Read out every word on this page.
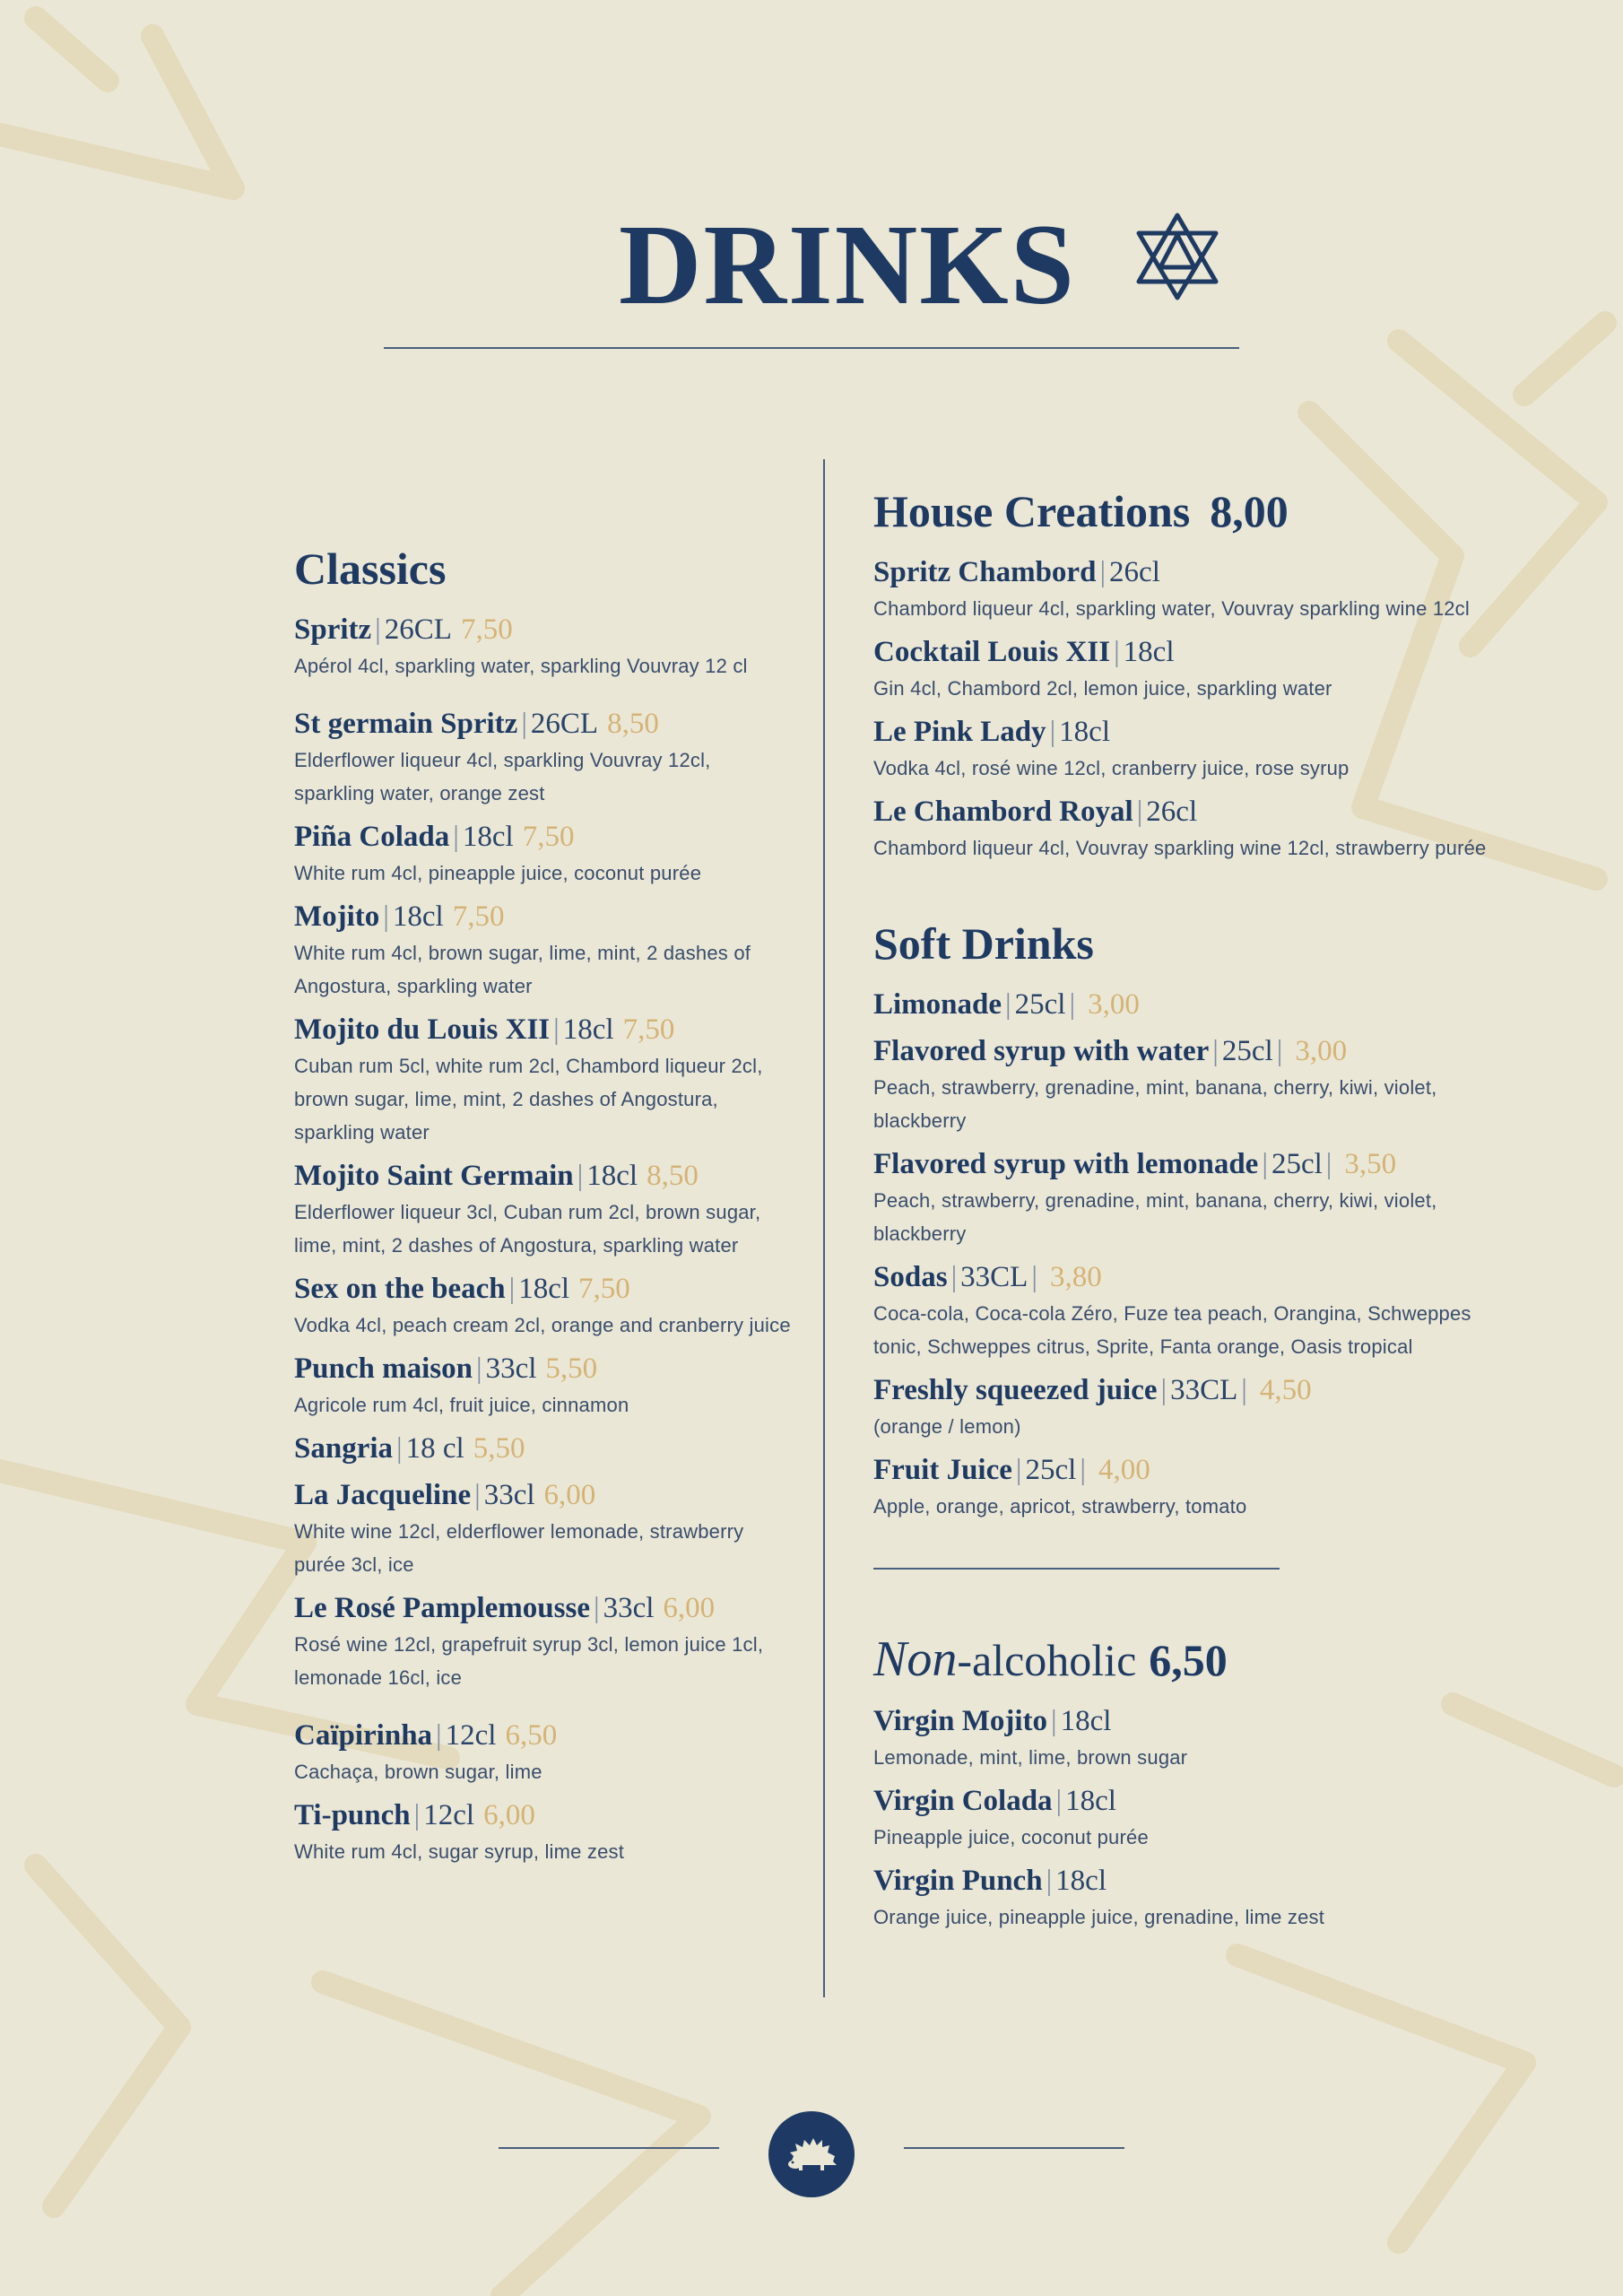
DRINKS
Classics
Spritz | 26CL 7,50
Apérol 4cl, sparkling water, sparkling Vouvray 12 cl
St germain Spritz | 26CL 8,50
Elderflower liqueur 4cl, sparkling Vouvray 12cl, sparkling water, orange zest
Piña Colada | 18cl 7,50
White rum 4cl, pineapple juice, coconut purée
Mojito | 18cl 7,50
White rum 4cl, brown sugar, lime, mint, 2 dashes of Angostura, sparkling water
Mojito du Louis XII | 18cl 7,50
Cuban rum 5cl, white rum 2cl, Chambord liqueur 2cl, brown sugar, lime, mint, 2 dashes of Angostura, sparkling water
Mojito Saint Germain | 18cl 8,50
Elderflower liqueur 3cl, Cuban rum 2cl, brown sugar, lime, mint, 2 dashes of Angostura, sparkling water
Sex on the beach | 18cl 7,50
Vodka 4cl, peach cream 2cl, orange and cranberry juice
Punch maison | 33cl 5,50
Agricole rum 4cl, fruit juice, cinnamon
Sangria | 18 cl 5,50
La Jacqueline | 33cl 6,00
White wine 12cl, elderflower lemonade, strawberry purée 3cl, ice
Le Rosé Pamplemousse | 33cl 6,00
Rosé wine 12cl, grapefruit syrup 3cl, lemon juice 1cl, lemonade 16cl, ice
Caïpirinha | 12cl 6,50
Cachaça, brown sugar, lime
Ti-punch | 12cl 6,00
White rum 4cl, sugar syrup, lime zest
House Creations 8,00
Spritz Chambord | 26cl
Chambord liqueur 4cl, sparkling water, Vouvray sparkling wine 12cl
Cocktail Louis XII | 18cl
Gin 4cl, Chambord 2cl, lemon juice, sparkling water
Le Pink Lady | 18cl
Vodka 4cl, rosé wine 12cl, cranberry juice, rose syrup
Le Chambord Royal | 26cl
Chambord liqueur 4cl, Vouvray sparkling wine 12cl, strawberry purée
Soft Drinks
Limonade | 25cl | 3,00
Flavored syrup with water | 25cl | 3,00
Peach, strawberry, grenadine, mint, banana, cherry, kiwi, violet, blackberry
Flavored syrup with lemonade | 25cl | 3,50
Peach, strawberry, grenadine, mint, banana, cherry, kiwi, violet, blackberry
Sodas | 33CL | 3,80
Coca-cola, Coca-cola Zéro, Fuze tea peach, Orangina, Schweppes tonic, Schweppes citrus, Sprite, Fanta orange, Oasis tropical
Freshly squeezed juice | 33CL | 4,50
(orange / lemon)
Fruit Juice | 25cl | 4,00
Apple, orange, apricot, strawberry, tomato
Non-alcoholic 6,50
Virgin Mojito | 18cl
Lemonade, mint, lime, brown sugar
Virgin Colada | 18cl
Pineapple juice, coconut purée
Virgin Punch | 18cl
Orange juice, pineapple juice, grenadine, lime zest
